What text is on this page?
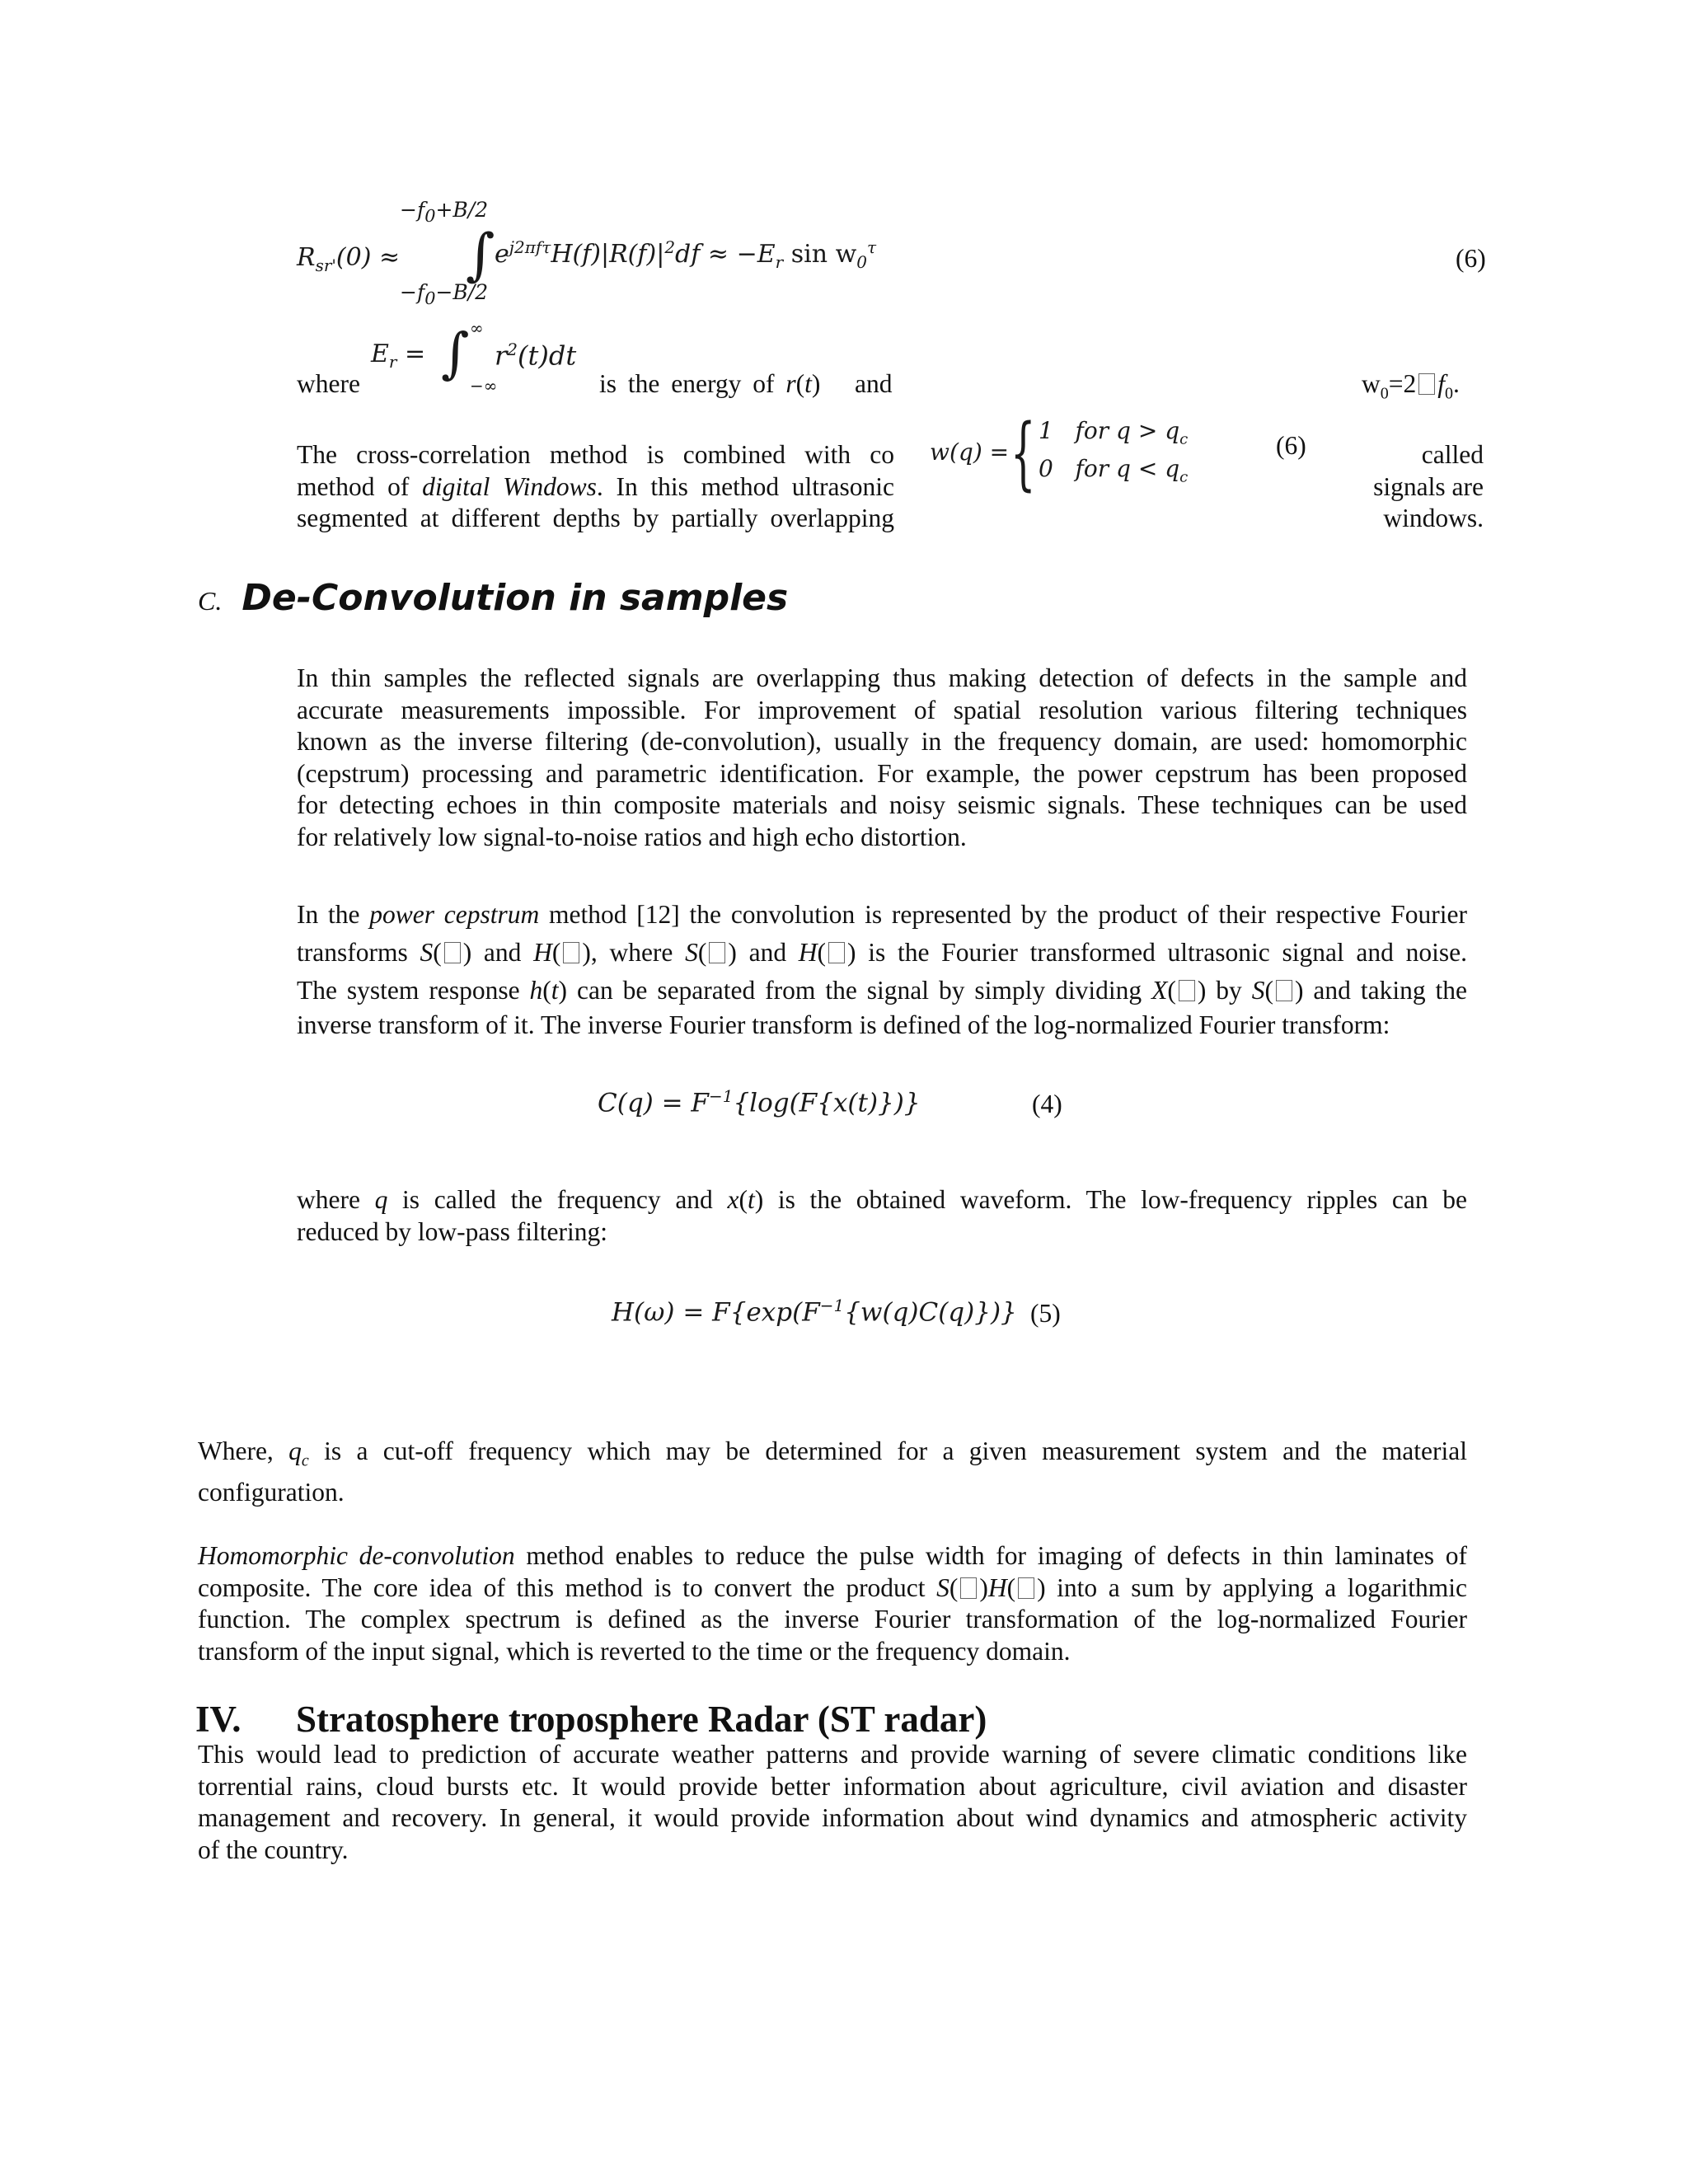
$-f_0+B/2$
$R_{sr'}(0)$ ≈ ∫ $e^{j2\pi f\tau}H(f)|R(f)|^2df \approx -E_r$ $\sin w_0^\tau$
$-f_0-B/2$
(6)
$E_r$ = ∫ ∞
−∞
$r^2(t)dt$
where	is the energy of r(t)   and	$w_0=2$ $f_0$.
The cross-correlation method is combined with co
method of digital Windows. In this method ultrasonic
segmented at different depths by partially overlapping
called
signals are
windows.
w(q) = { 1   for $q > q_c$
0   for $q < q_c$
(6)
C. De-Convolution in samples
In thin samples the reflected signals are overlapping thus making detection of defects in the sample and
accurate measurements impossible. For improvement of spatial resolution various filtering techniques
known as the inverse filtering (de-convolution), usually in the frequency domain, are used: homomorphic
(cepstrum) processing and parametric identification. For example, the power cepstrum has been proposed
for detecting echoes in thin composite materials and noisy seismic signals. These techniques can be used
for relatively low signal-to-noise ratios and high echo distortion.
In the power cepstrum method [12] the convolution is represented by the product of their respective Fourier
transforms S( ) and H( ), where S( ) and H( ) is the Fourier transformed ultrasonic signal and noise.
The system response h(t) can be separated from the signal by simply dividing X( ) by S( ) and taking the
inverse transform of it. The inverse Fourier transform is defined of the log-normalized Fourier transform:
$C(q) = F^{-1}\{\log(F\{x(t)\})\}$	(4)
where q is called the frequency and x(t) is the obtained waveform. The low-frequency ripples can be
reduced by low-pass filtering:
$H(\omega) = F\{\exp(F^{-1}\{w(q)C(q)\})\}$ (5)
Where, $q_c$ is a cut-off frequency which may be determined for a given measurement system and the material
configuration.
Homomorphic de-convolution method enables to reduce the pulse width for imaging of defects in thin laminates of
composite. The core idea of this method is to convert the product S( )H( ) into a sum by applying a logarithmic
function. The complex spectrum is defined as the inverse Fourier transformation of the log-normalized Fourier
transform of the input signal, which is reverted to the time or the frequency domain.
IV. Stratosphere troposphere Radar (ST radar)
This would lead to prediction of accurate weather patterns and provide warning of severe climatic conditions like
torrential rains, cloud bursts etc. It would provide better information about agriculture, civil aviation and disaster
management and recovery. In general, it would provide information about wind dynamics and atmospheric activity
of the country.
